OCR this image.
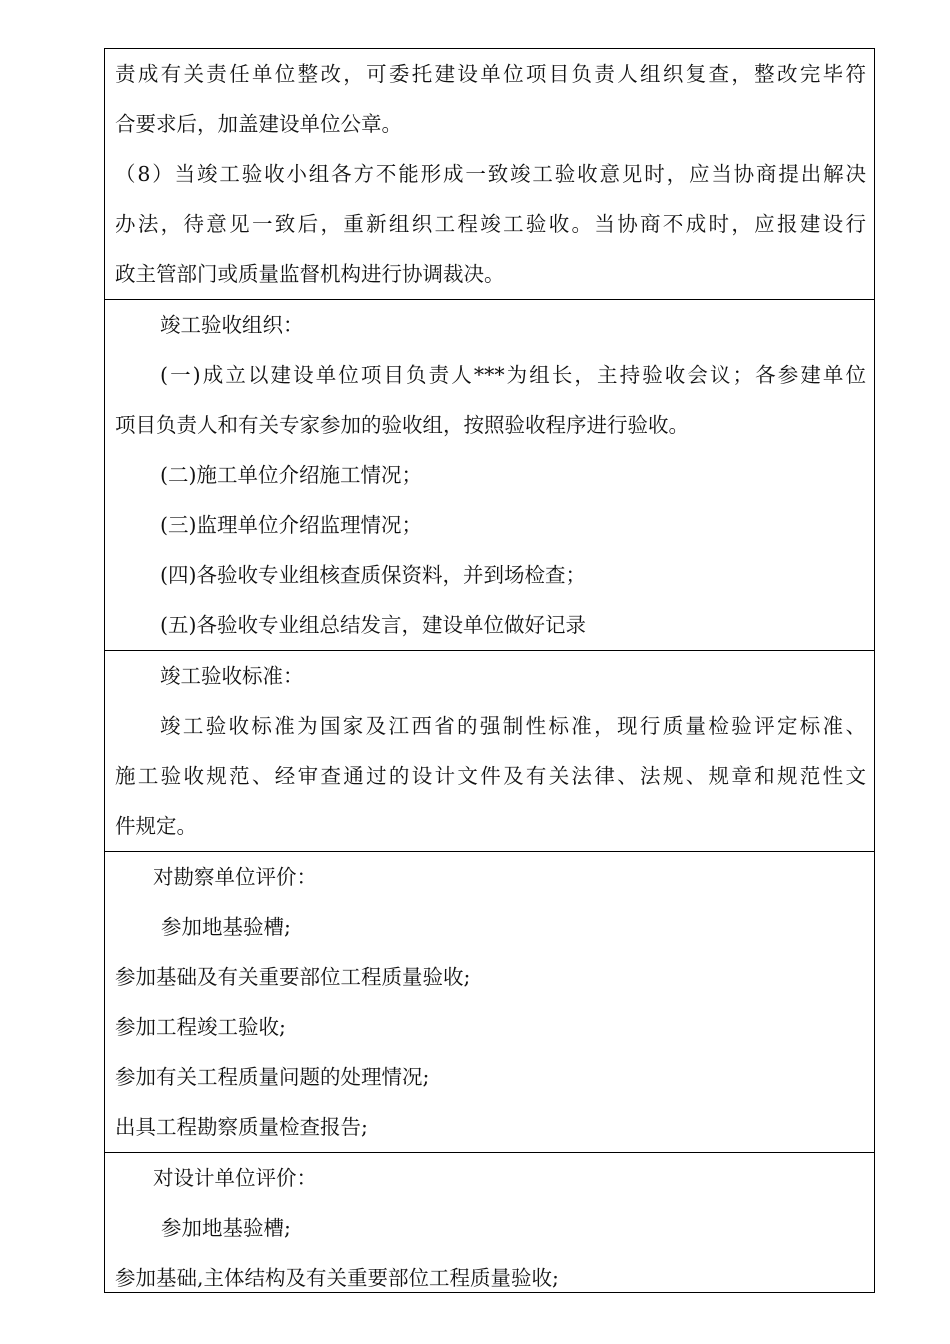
责成有关责任单位整改，可委托建设单位项目负责人组织复查，整改完毕符
合要求后，加盖建设单位公章。
（8）当竣工验收小组各方不能形成一致竣工验收意见时，应当协商提出解决
办法，待意见一致后，重新组织工程竣工验收。当协商不成时，应报建设行
政主管部门或质量监督机构进行协调裁决。
竣工验收组织：
(一)成立以建设单位项目负责人***为组长，主持验收会议；各参建单位
项目负责人和有关专家参加的验收组，按照验收程序进行验收。
(二)施工单位介绍施工情况；
(三)监理单位介绍监理情况；
(四)各验收专业组核查质保资料，并到场检查；
(五)各验收专业组总结发言，建设单位做好记录
竣工验收标准：
竣工验收标准为国家及江西省的强制性标准，现行质量检验评定标准、
施工验收规范、经审查通过的设计文件及有关法律、法规、规章和规范性文
件规定。
对勘察单位评价：
参加地基验槽;
参加基础及有关重要部位工程质量验收;
参加工程竣工验收;
参加有关工程质量问题的处理情况;
出具工程勘察质量检查报告;
对设计单位评价：
参加地基验槽;
参加基础,主体结构及有关重要部位工程质量验收;
